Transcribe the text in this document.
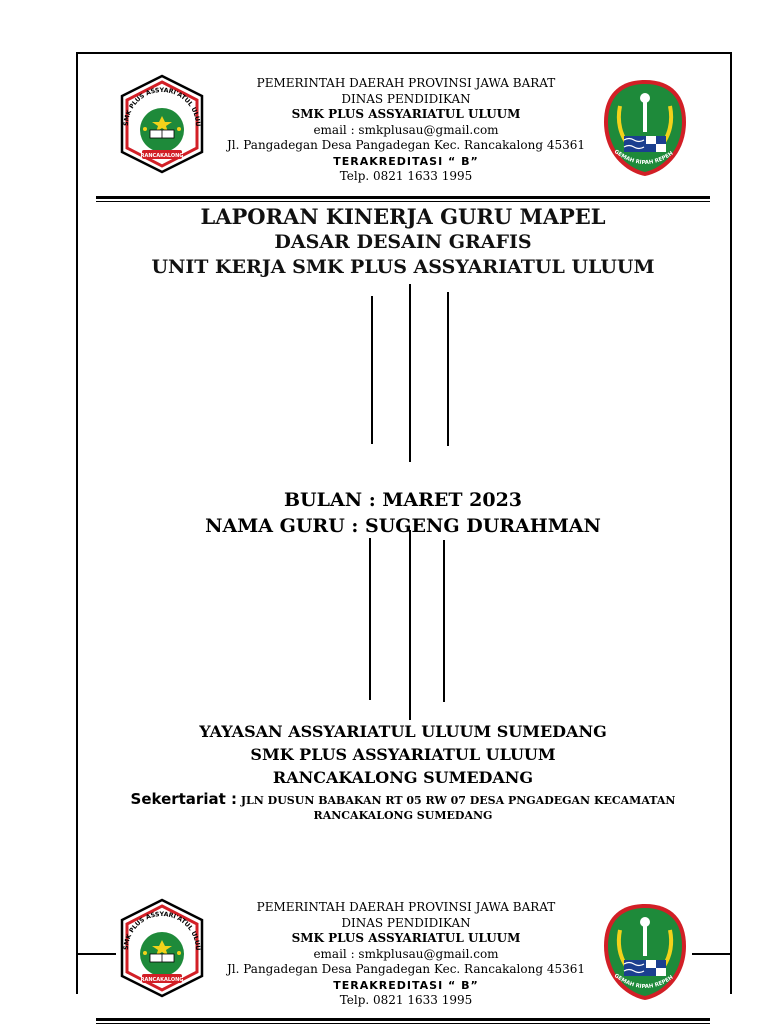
SMK PLUS ASSYARI'ATUL ULUU
RANCAKALONG
PEMERINTAH DAERAH PROVINSI JAWA BARAT
DINAS PENDIDIKAN
SMK PLUS ASSYARIATUL ULUUM
email : smkplusau@gmail.com
Jl. Pangadegan Desa Pangadegan Kec. Rancakalong 45361
TERAKREDITASI “ B”
Telp. 0821 1633 1995
GEMAH RIPAH REPEH
LAPORAN KINERJA GURU MAPEL
DASAR DESAIN GRAFIS
UNIT KERJA SMK PLUS ASSYARIATUL ULUUM
BULAN : MARET 2023
NAMA GURU : SUGENG DURAHMAN
YAYASAN ASSYARIATUL ULUUM SUMEDANG
SMK PLUS ASSYARIATUL ULUUM
RANCAKALONG SUMEDANG
Sekertariat : JLN DUSUN BABAKAN RT 05 RW 07 DESA PNGADEGAN KECAMATAN
RANCAKALONG SUMEDANG
SMK PLUS ASSYARI'ATUL ULUU
RANCAKALONG
PEMERINTAH DAERAH PROVINSI JAWA BARAT
DINAS PENDIDIKAN
SMK PLUS ASSYARIATUL ULUUM
email : smkplusau@gmail.com
Jl. Pangadegan Desa Pangadegan Kec. Rancakalong 45361
TERAKREDITASI “ B”
Telp. 0821 1633 1995
GEMAH RIPAH REPEH
